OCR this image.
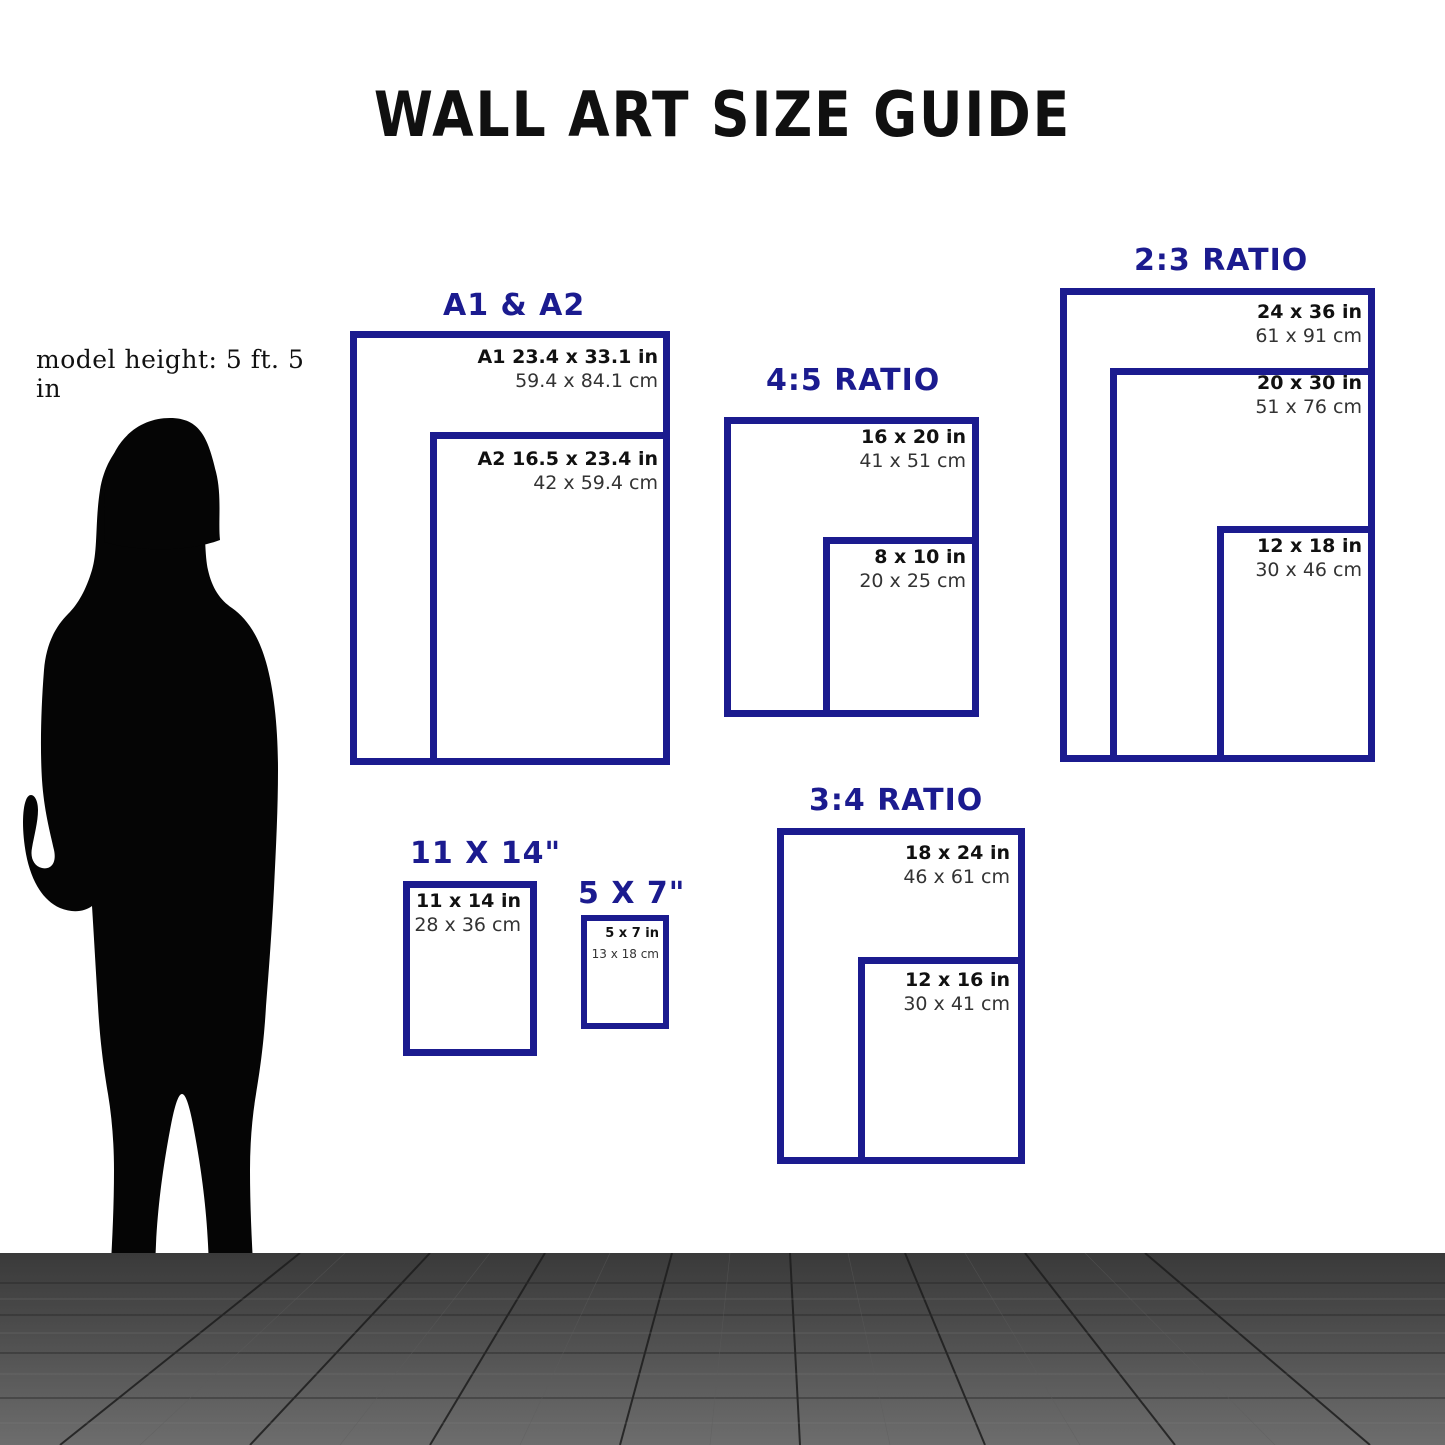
WALL ART SIZE GUIDE
model height: 5 ft. 5 in
A1 & A2
A1 23.4 x 33.1 in
59.4 x 84.1 cm
A2 16.5 x 23.4 in
42 x 59.4 cm
4:5 RATIO
16 x 20 in
41 x 51 cm
8 x 10 in
20 x 25 cm
2:3 RATIO
24 x 36 in
61 x 91 cm
20 x 30 in
51 x 76 cm
12 x 18 in
30 x 46 cm
3:4 RATIO
18 x 24 in
46 x 61 cm
12 x 16 in
30 x 41 cm
11 X 14"
11 x 14 in
28 x 36 cm
5 X 7"
5 x 7 in
13 x 18 cm
